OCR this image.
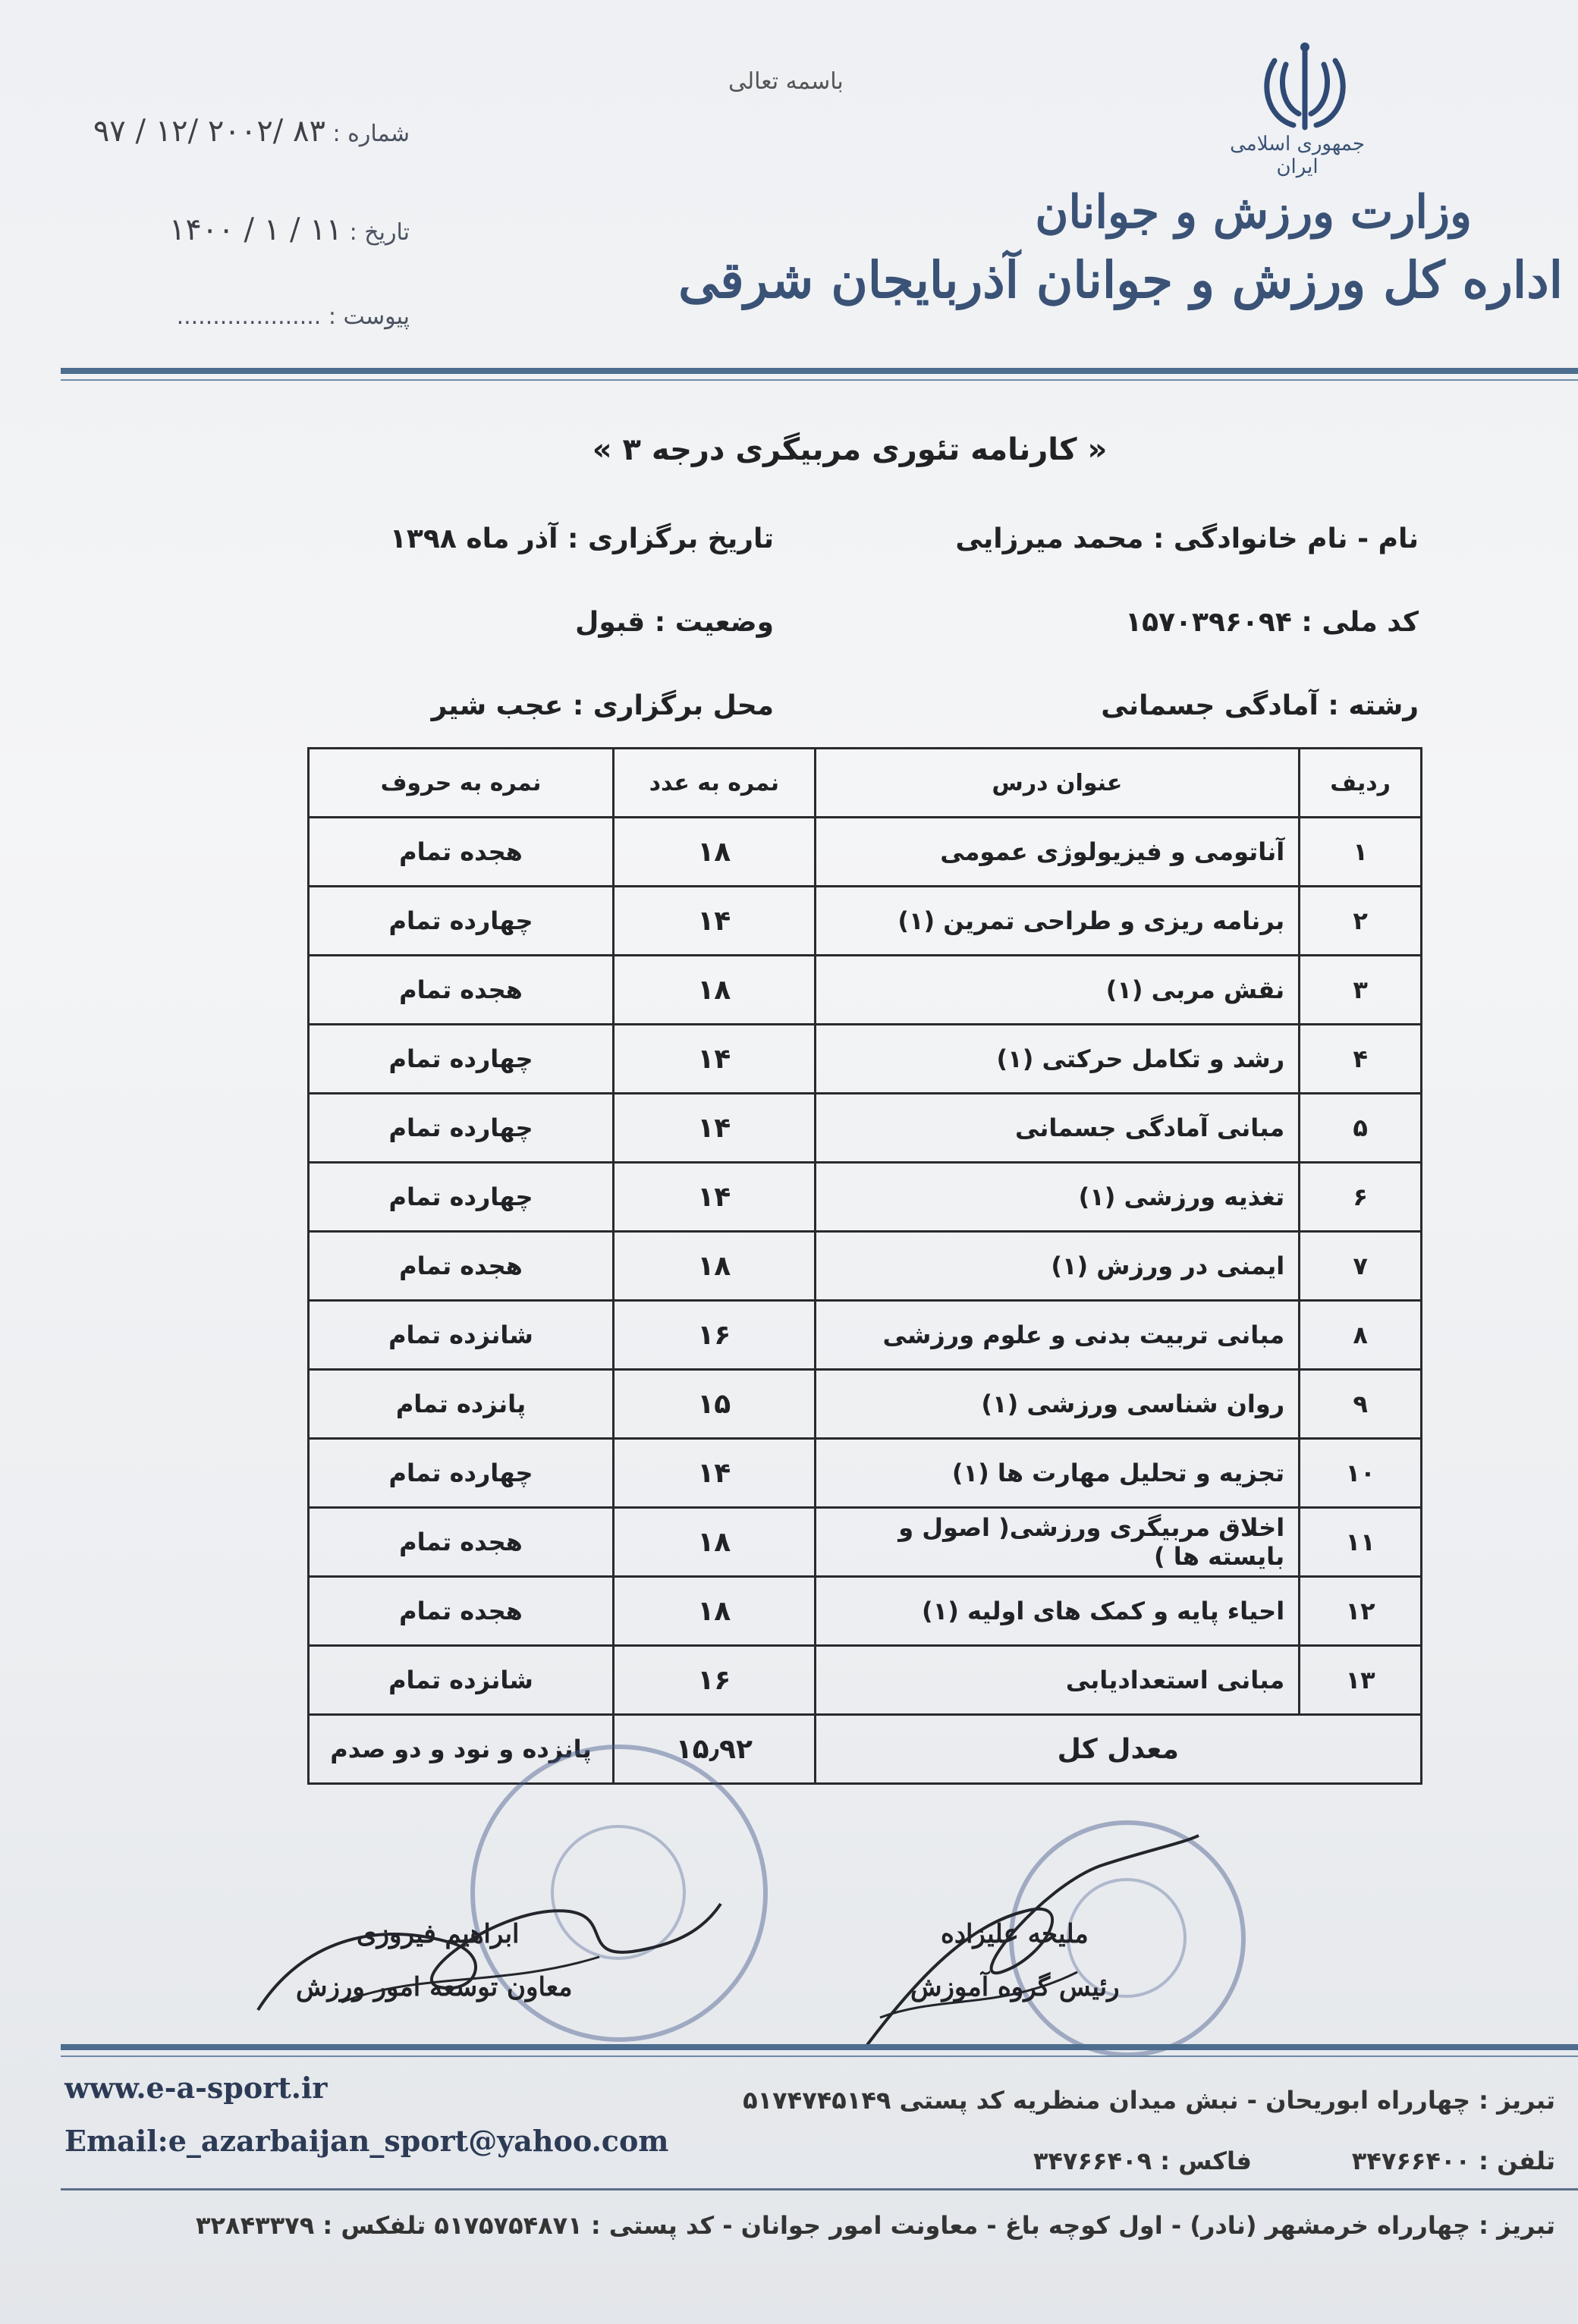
جمهوری اسلامی ایران
وزارت ورزش و جوانان
اداره کل ورزش و جوانان آذربایجان شرقی
باسمه تعالی
شماره : ۸۳ /۲۰۰۲ /۱۲ / ۹۷
تاریخ : ۱۱ / ۱ / ۱۴۰۰
پیوست : ....................
« کارنامه تئوری مربیگری درجه ۳ »
نام - نام خانوادگی : محمد میرزایی
تاریخ برگزاری : آذر ماه ۱۳۹۸
کد ملی : ۱۵۷۰۳۹۶۰۹۴
وضعیت : قبول
رشته : آمادگی جسمانی
محل برگزاری : عجب شیر
ردیف	عنوان درس	نمره به عدد	نمره به حروف
۱	آناتومی و فیزیولوژی عمومی	۱۸	هجده تمام
۲	برنامه ریزی و طراحی تمرین (۱)	۱۴	چهارده تمام
۳	نقش مربی (۱)	۱۸	هجده تمام
۴	رشد و تکامل حرکتی (۱)	۱۴	چهارده تمام
۵	مبانی آمادگی جسمانی	۱۴	چهارده تمام
۶	تغذیه ورزشی (۱)	۱۴	چهارده تمام
۷	ایمنی در ورزش (۱)	۱۸	هجده تمام
۸	مبانی تربیت بدنی و علوم ورزشی	۱۶	شانزده تمام
۹	روان شناسی ورزشی (۱)	۱۵	پانزده تمام
۱۰	تجزیه و تحلیل مهارت ها (۱)	۱۴	چهارده تمام
۱۱	اخلاق مربیگری ورزشی( اصول و بایسته ها )	۱۸	هجده تمام
۱۲	احیاء پایه و کمک های اولیه (۱)	۱۸	هجده تمام
۱۳	مبانی استعدادیابی	۱۶	شانزده تمام
معدل کل		۱۵٫۹۲	پانزده و نود و دو صدم
ملیحه علیزاده
رئیس گروه آموزش
ابراهیم فیروزی
معاون توسعه امور ورزش
www.e-a-sport.ir
Email:e_azarbaijan_sport@yahoo.com
تبریز : چهارراه ابوریحان - نبش میدان منظریه کد پستی ۵۱۷۴۷۴۵۱۴۹
تلفن : ۳۴۷۶۶۴۰۰
فاکس : ۳۴۷۶۶۴۰۹
تبریز : چهارراه خرمشهر (نادر) - اول کوچه باغ - معاونت امور جوانان - کد پستی : ۵۱۷۵۷۵۴۸۷۱ تلفکس : ۳۲۸۴۳۳۷۹
